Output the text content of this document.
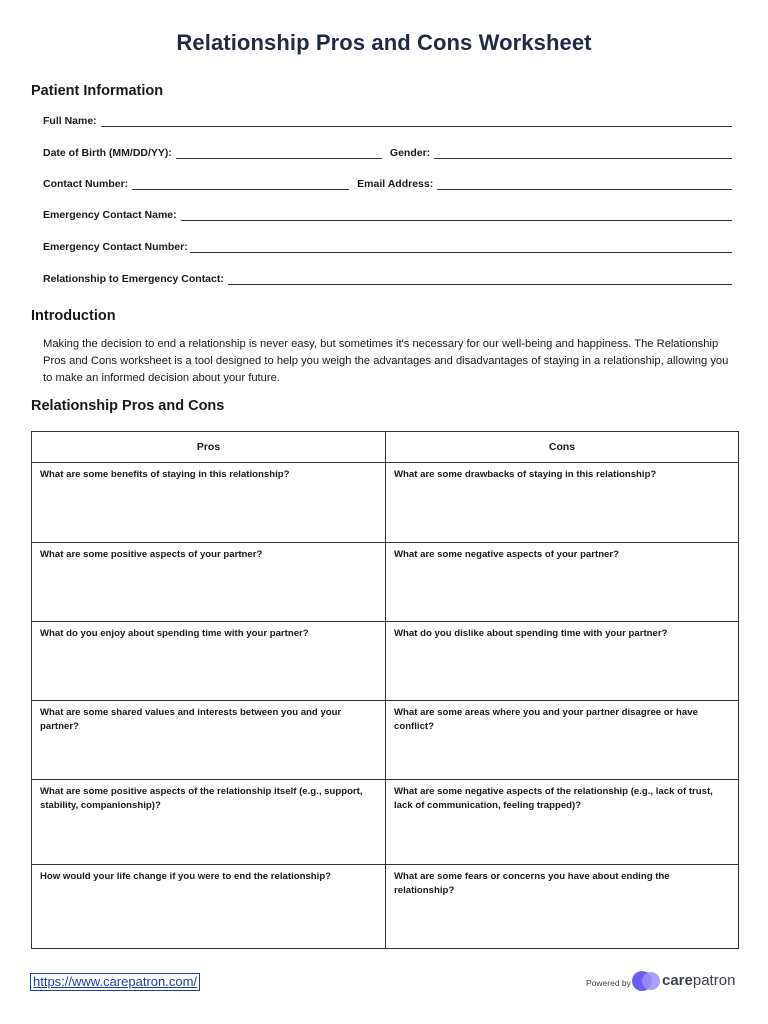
Relationship Pros and Cons Worksheet
Patient Information
Full Name:
Date of Birth (MM/DD/YY):	Gender:
Contact Number:	Email Address:
Emergency Contact Name:
Emergency Contact Number:
Relationship to Emergency Contact:
Introduction
Making the decision to end a relationship is never easy, but sometimes it's necessary for our well-being and happiness. The Relationship Pros and Cons worksheet is a tool designed to help you weigh the advantages and disadvantages of staying in a relationship, allowing you to make an informed decision about your future.
Relationship Pros and Cons
Pros	Cons
What are some benefits of staying in this relationship?	What are some drawbacks of staying in this relationship?
What are some positive aspects of your partner?	What are some negative aspects of your partner?
What do you enjoy about spending time with your partner?	What do you dislike about spending time with your partner?
What are some shared values and interests between you and your partner?	What are some areas where you and your partner disagree or have conflict?
What are some positive aspects of the relationship itself (e.g., support, stability, companionship)?	What are some negative aspects of the relationship (e.g., lack of trust, lack of communication, feeling trapped)?
How would your life change if you were to end the relationship?	What are some fears or concerns you have about ending the relationship?
https://www.carepatron.com/	Powered by carepatron
